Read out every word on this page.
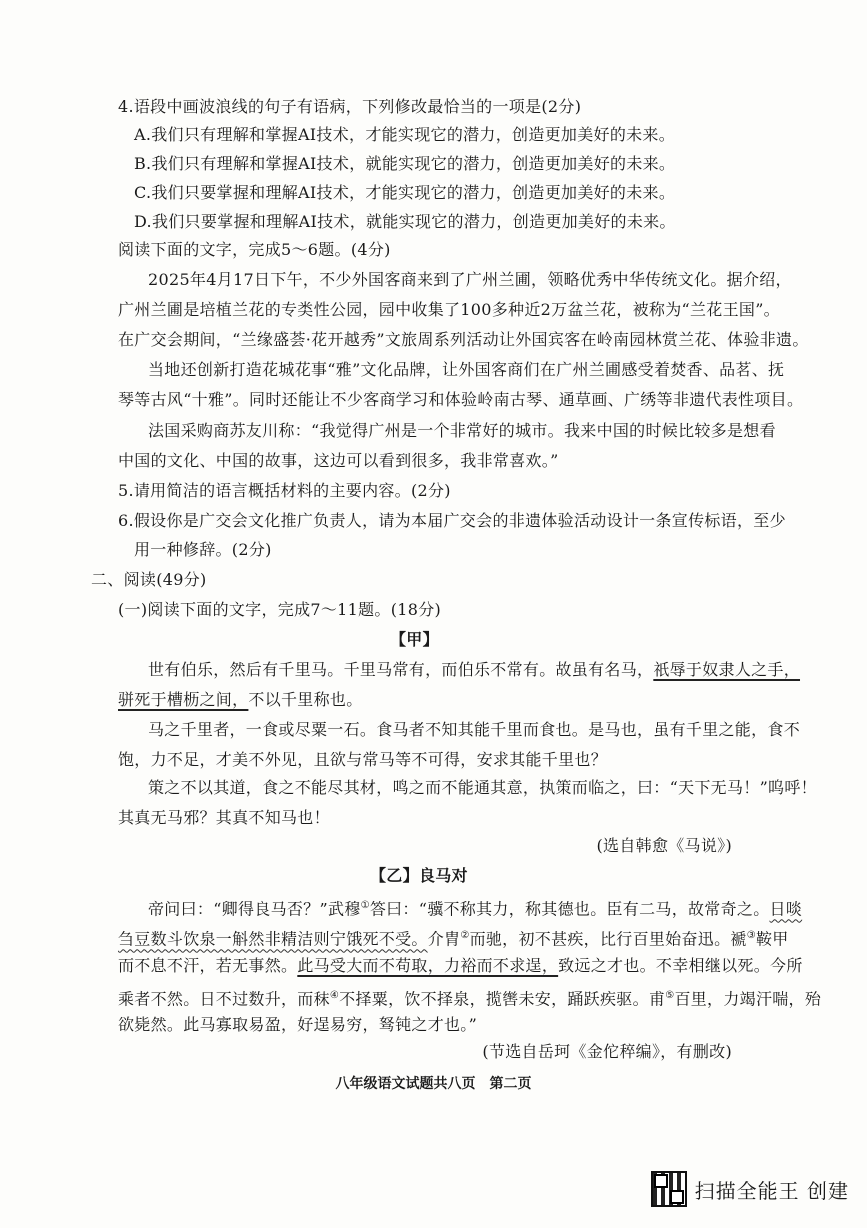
4.语段中画波浪线的句子有语病，下列修改最恰当的一项是(2分)
A.我们只有理解和掌握AI技术，才能实现它的潜力，创造更加美好的未来。
B.我们只有理解和掌握AI技术，就能实现它的潜力，创造更加美好的未来。
C.我们只要掌握和理解AI技术，才能实现它的潜力，创造更加美好的未来。
D.我们只要掌握和理解AI技术，就能实现它的潜力，创造更加美好的未来。
阅读下面的文字，完成5～6题。(4分)
2025年4月17日下午，不少外国客商来到了广州兰圃，领略优秀中华传统文化。据介绍，
广州兰圃是培植兰花的专类性公园，园中收集了100多种近2万盆兰花，被称为“兰花王国”。
在广交会期间，“兰缘盛荟·花开越秀”文旅周系列活动让外国宾客在岭南园林赏兰花、体验非遗。
当地还创新打造花城花事“雅”文化品牌，让外国客商们在广州兰圃感受着焚香、品茗、抚
琴等古风“十雅”。同时还能让不少客商学习和体验岭南古琴、通草画、广绣等非遗代表性项目。
法国采购商苏友川称：“我觉得广州是一个非常好的城市。我来中国的时候比较多是想看
中国的文化、中国的故事，这边可以看到很多，我非常喜欢。”
5.请用简洁的语言概括材料的主要内容。(2分)
6.假设你是广交会文化推广负责人，请为本届广交会的非遗体验活动设计一条宣传标语，至少
用一种修辞。(2分)
二、阅读(49分)
(一)阅读下面的文字，完成7～11题。(18分)
【甲】
世有伯乐，然后有千里马。千里马常有，而伯乐不常有。故虽有名马，祇辱于奴隶人之手，
骈死于槽枥之间，不以千里称也。
马之千里者，一食或尽粟一石。食马者不知其能千里而食也。是马也，虽有千里之能，食不
饱，力不足，才美不外见，且欲与常马等不可得，安求其能千里也？
策之不以其道，食之不能尽其材，鸣之而不能通其意，执策而临之，曰：“天下无马！”呜呼！
其真无马邪？其真不知马也！
(选自韩愈《马说》)
【乙】良马对
帝问曰：“卿得良马否？”武穆①答曰：“骥不称其力，称其德也。臣有二马，故常奇之。日啖
刍豆数斗饮泉一斛然非精洁则宁饿死不受。介胄②而驰，初不甚疾，比行百里始奋迅。褫③鞍甲
而不息不汗，若无事然。此马受大而不苟取，力裕而不求逞，致远之才也。不幸相继以死。今所
乘者不然。日不过数升，而秣④不择粟，饮不择泉，揽辔未安，踊跃疾驱。甫⑤百里，力竭汗喘，殆
欲毙然。此马寡取易盈，好逞易穷，驽钝之才也。”
(节选自岳珂《金佗稡编》，有删改)
八年级语文试题共八页　第二页
扫描全能王 创建
